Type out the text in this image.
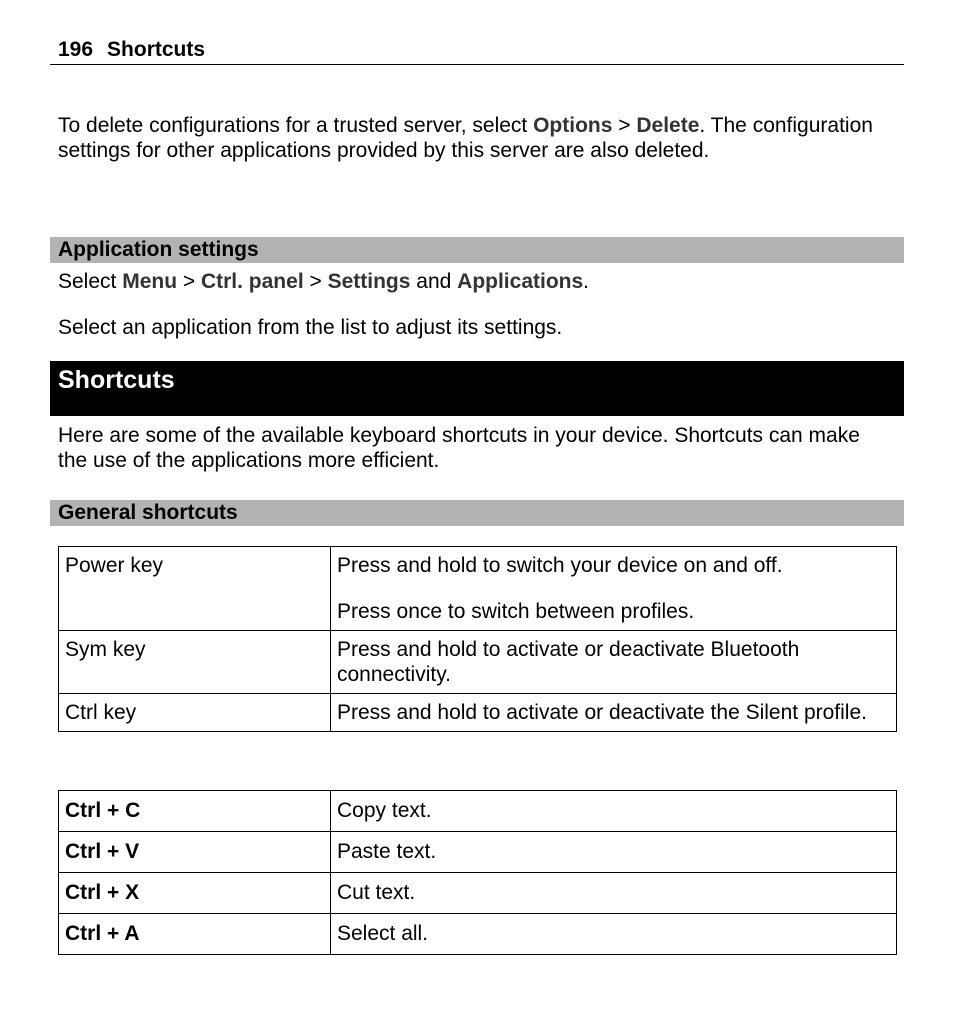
196 Shortcuts
To delete configurations for a trusted server, select Options > Delete. The configuration settings for other applications provided by this server are also deleted.
Application settings
Select Menu > Ctrl. panel > Settings and Applications.
Select an application from the list to adjust its settings.
Shortcuts
Here are some of the available keyboard shortcuts in your device. Shortcuts can make the use of the applications more efficient.
General shortcuts
Power key	Press and hold to switch your device on and off.

Press once to switch between profiles.

Sym key	Press and hold to activate or deactivate Bluetooth connectivity.

Ctrl key	Press and hold to activate or deactivate the Silent profile.

Ctrl + C	Copy text.
Ctrl + V	Paste text.
Ctrl + X	Cut text.
Ctrl + A	Select all.
